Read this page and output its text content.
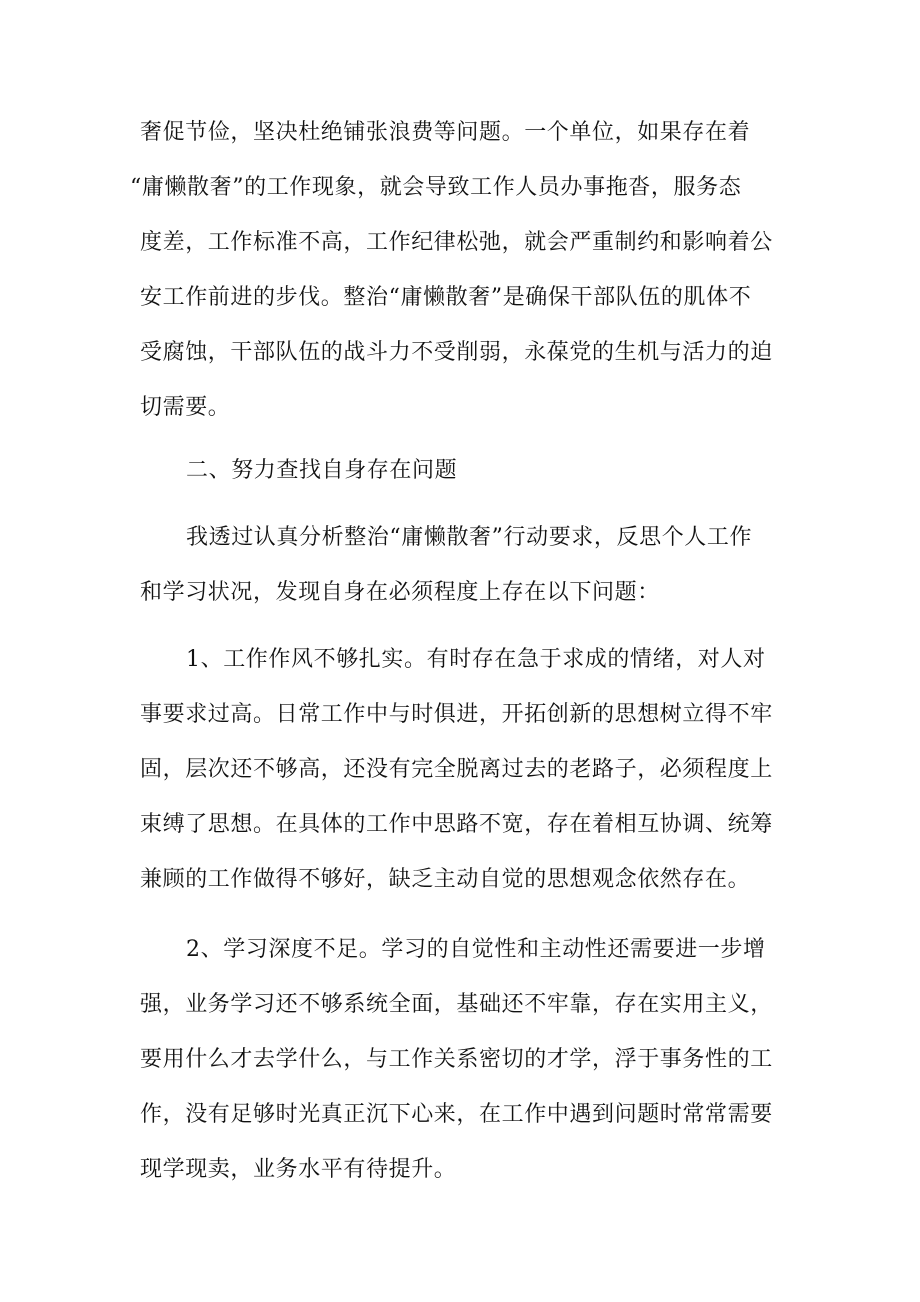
奢促节俭，坚决杜绝铺张浪费等问题。一个单位，如果存在着
“庸懒散奢”的工作现象，就会导致工作人员办事拖沓，服务态
度差，工作标准不高，工作纪律松弛，就会严重制约和影响着公
安工作前进的步伐。整治“庸懒散奢”是确保干部队伍的肌体不
受腐蚀，干部队伍的战斗力不受削弱，永葆党的生机与活力的迫
切需要。
二、努力查找自身存在问题
我透过认真分析整治“庸懒散奢”行动要求，反思个人工作
和学习状况，发现自身在必须程度上存在以下问题：
1、工作作风不够扎实。有时存在急于求成的情绪，对人对
事要求过高。日常工作中与时俱进，开拓创新的思想树立得不牢
固，层次还不够高，还没有完全脱离过去的老路子，必须程度上
束缚了思想。在具体的工作中思路不宽，存在着相互协调、统筹
兼顾的工作做得不够好，缺乏主动自觉的思想观念依然存在。
2、学习深度不足。学习的自觉性和主动性还需要进一步增
强，业务学习还不够系统全面，基础还不牢靠，存在实用主义，
要用什么才去学什么，与工作关系密切的才学，浮于事务性的工
作，没有足够时光真正沉下心来，在工作中遇到问题时常常需要
现学现卖，业务水平有待提升。
